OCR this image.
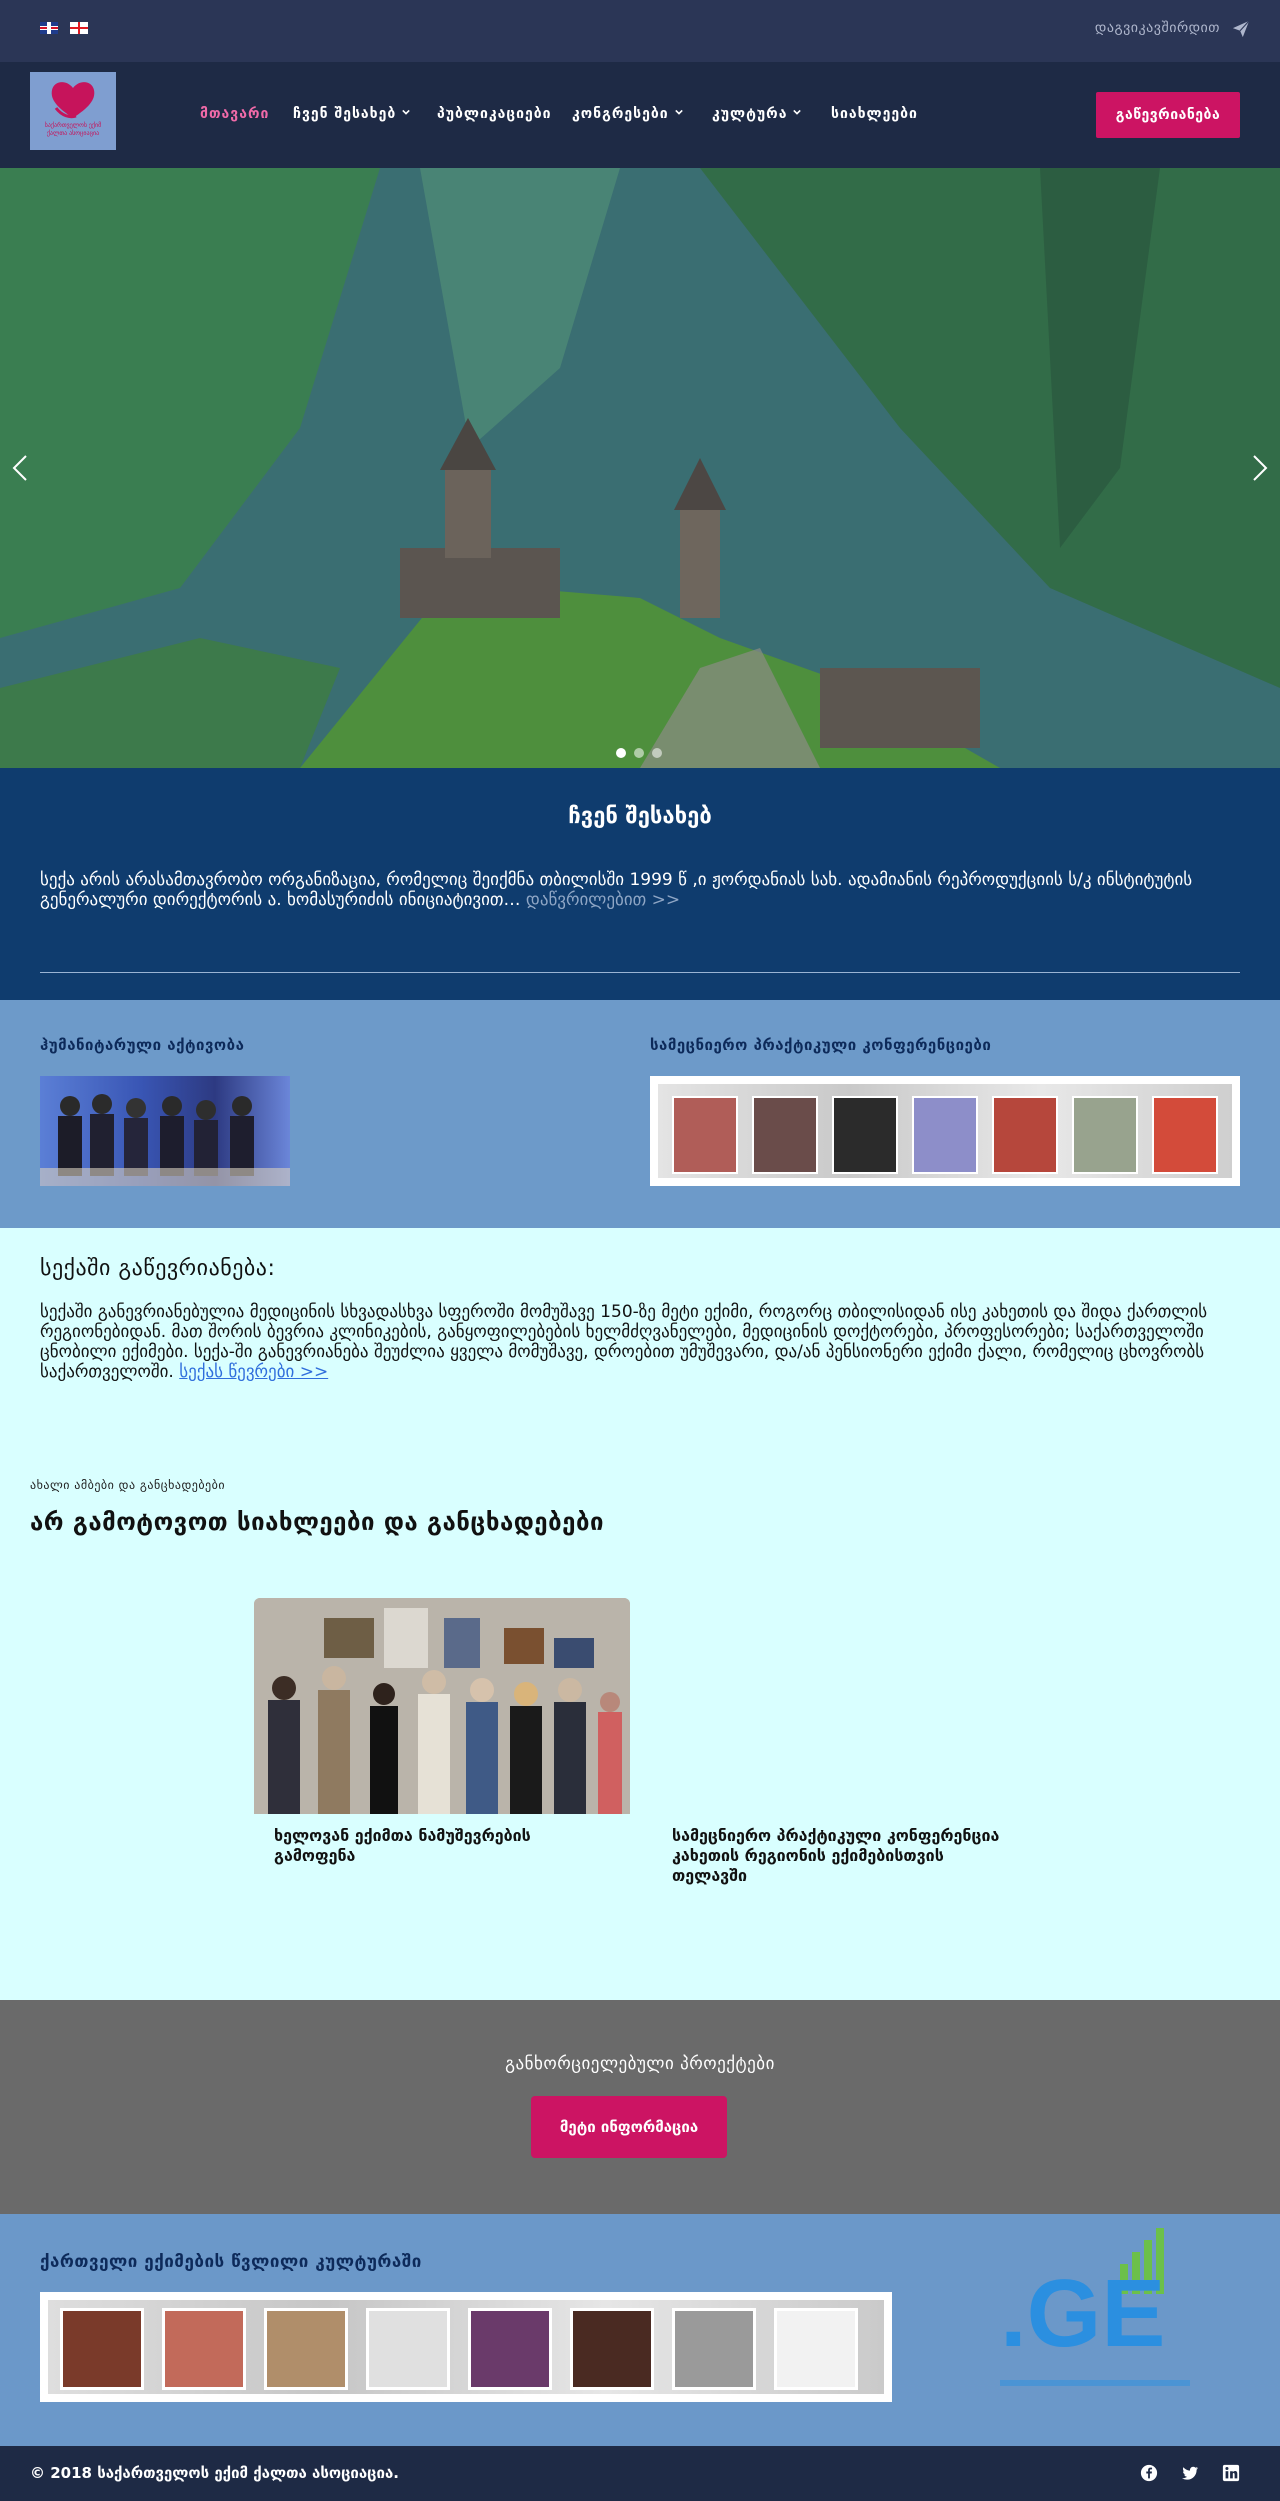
დაგვიკავშირდით
საქართველოს ექიმ ქალთა ასოციაცია
მთავარი ჩვენ შესახებ	პუბლიკაციები კონგრესები	კულტურა	სიახლეები	გაწევრიანება
ჩვენ შესახებ
სექა არის არასამთავრობო ორგანიზაცია, რომელიც შეიქმნა თბილისში 1999 წ ,ი ჟორდანიას სახ. ადამიანის რეპროდუქციის ს/კ ინსტიტუტის გენერალური დირექტორის ა. ხომასურიძის ინიციატივით… დაწვრილებით >>
ჰუმანიტარული აქტივობა	სამეცნიერო პრაქტიკული კონფერენციები
სექაში გაწევრიანება:
სექაში განევრიანებულია მედიცინის სხვადასხვა სფეროში მომუშავე 150-ზე მეტი ექიმი, როგორც თბილისიდან ისე კახეთის და შიდა ქართლის რეგიონებიდან. მათ შორის ბევრია კლინიკების, განყოფილებების ხელმძღვანელები, მედიცინის დოქტორები, პროფესორები; საქართველოში ცნობილი ექიმები. სექა-ში განევრიანება შეუძლია ყველა მომუშავე, დროებით უმუშევარი, და/ან პენსიონერი ექიმი ქალი, რომელიც ცხოვრობს საქართველოში. სექას წევრები >>
ახალი ამბები და განცხადებები
არ გამოტოვოთ სიახლეები და განცხადებები
ხელოვან ექიმთა ნამუშევრების გამოფენა
სამეცნიერო პრაქტიკული კონფერენცია კახეთის რეგიონის ექიმებისთვის თელავში
განხორციელებული პროექტები
მეტი ინფორმაცია
ქართველი ექიმების წვლილი კულტურაში	.GE
© 2018 საქართველოს ექიმ ქალთა ასოციაცია.
